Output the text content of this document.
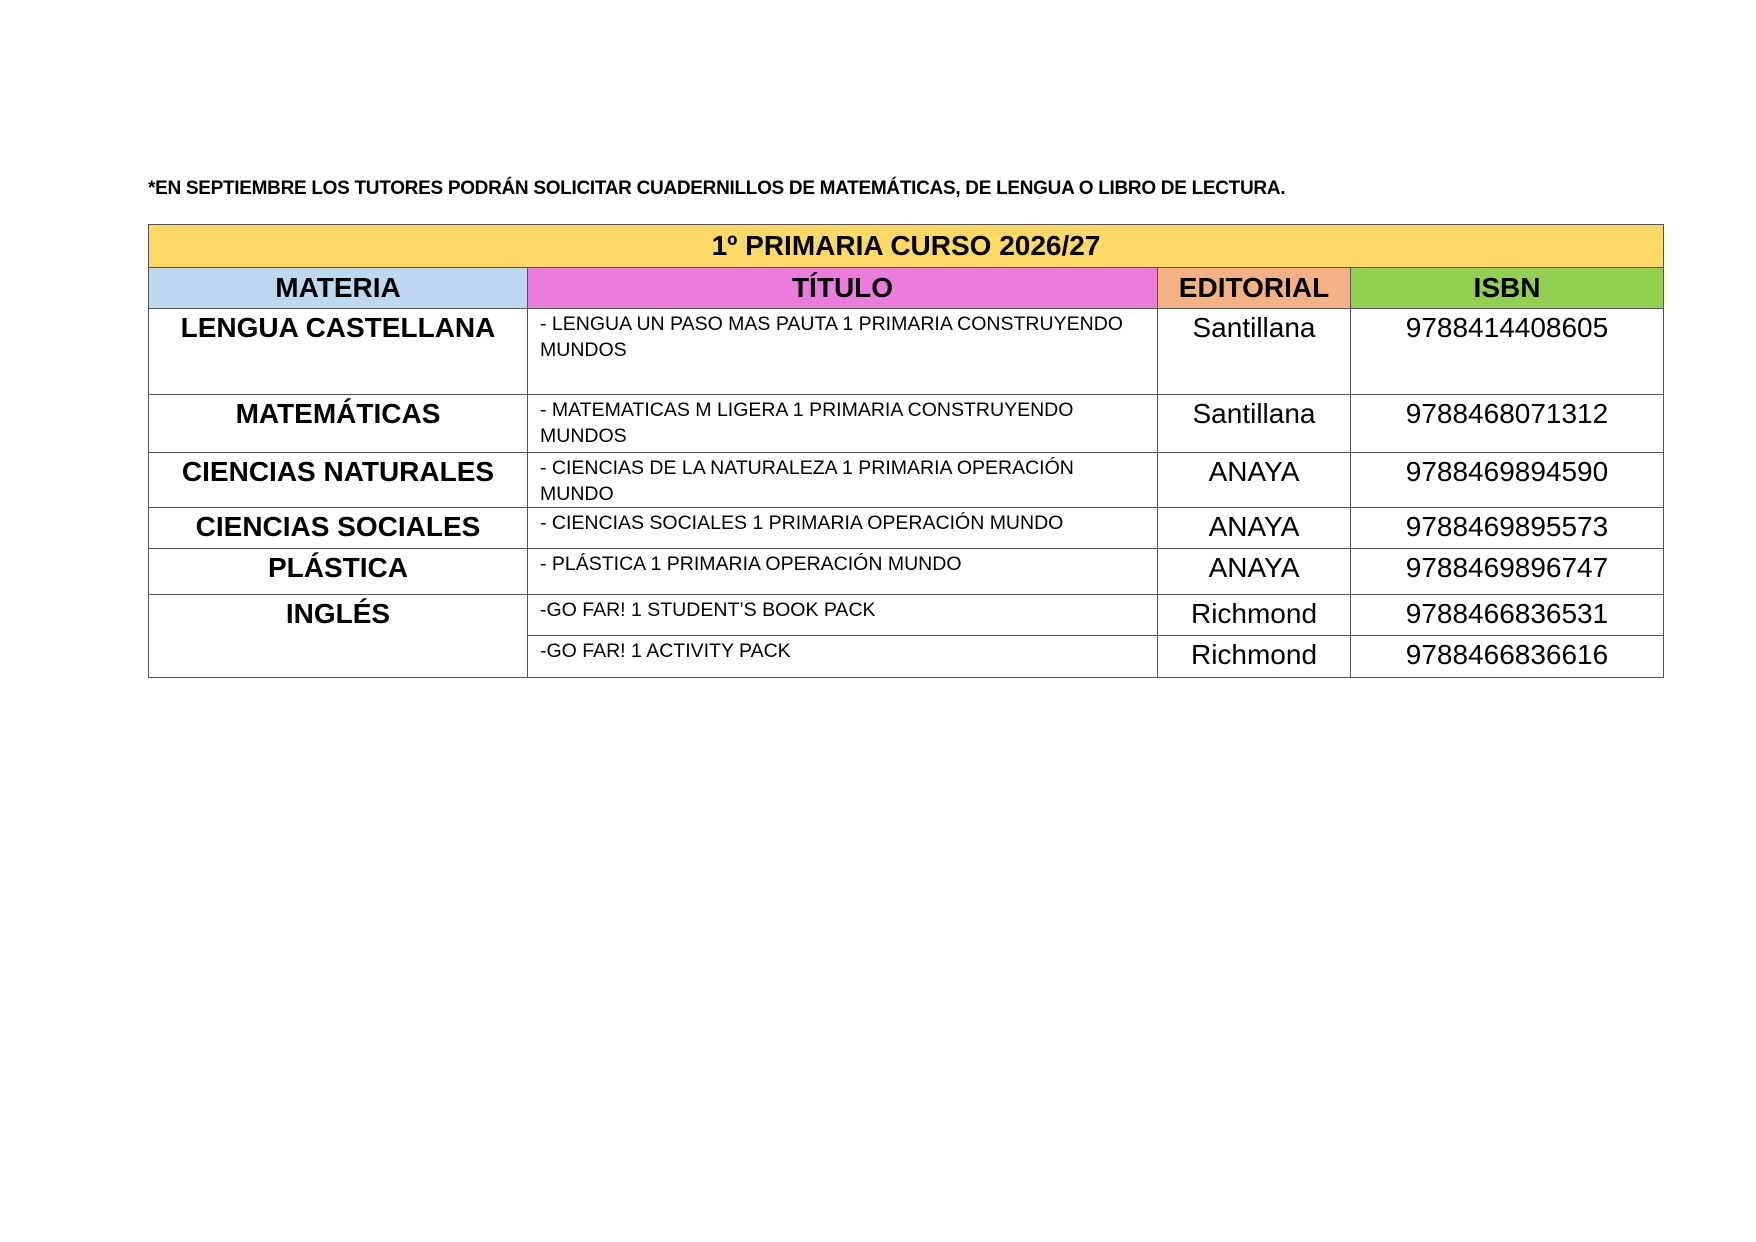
*EN SEPTIEMBRE LOS TUTORES PODRÁN SOLICITAR CUADERNILLOS DE MATEMÁTICAS, DE LENGUA O LIBRO DE LECTURA.
1º PRIMARIA CURSO 2026/27			
MATERIA	TÍTULO	EDITORIAL	ISBN
LENGUA CASTELLANA	- LENGUA UN PASO MAS PAUTA 1 PRIMARIA CONSTRUYENDO MUNDOS	Santillana	9788414408605
MATEMÁTICAS	- MATEMATICAS M LIGERA 1 PRIMARIA CONSTRUYENDO MUNDOS	Santillana	9788468071312
CIENCIAS NATURALES	- CIENCIAS DE LA NATURALEZA 1 PRIMARIA OPERACIÓN MUNDO	ANAYA	9788469894590
CIENCIAS SOCIALES	- CIENCIAS SOCIALES 1 PRIMARIA OPERACIÓN MUNDO	ANAYA	9788469895573
PLÁSTICA	- PLÁSTICA 1 PRIMARIA OPERACIÓN MUNDO	ANAYA	9788469896747
INGLÉS	-GO FAR! 1 STUDENT’S BOOK PACK	Richmond	9788466836531
	-GO FAR! 1 ACTIVITY PACK	Richmond	9788466836616
